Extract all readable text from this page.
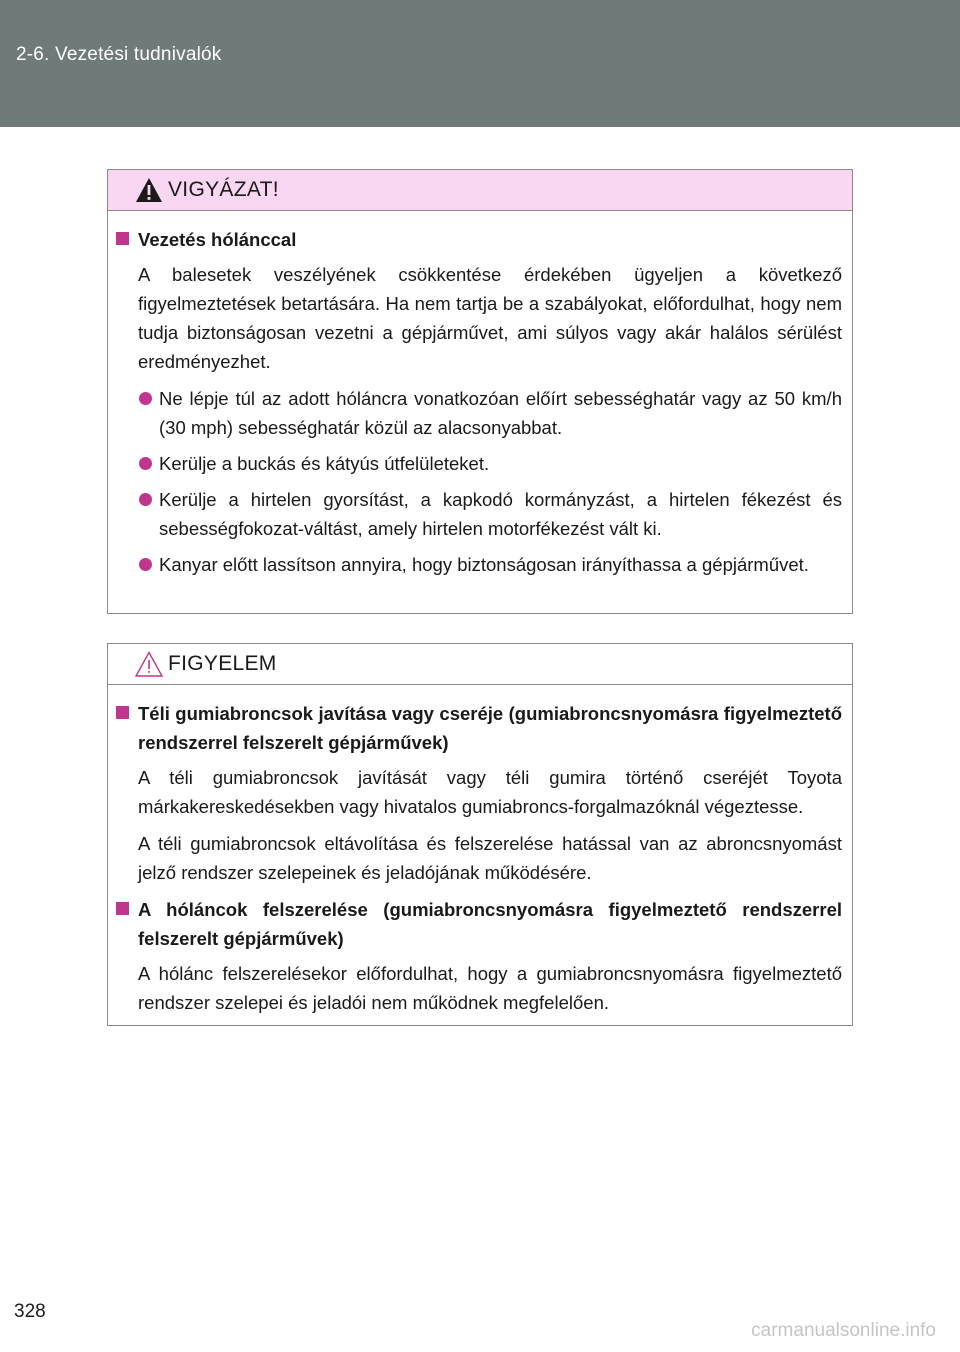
2-6. Vezetési tudnivalók
VIGYÁZAT!
Vezetés hólánccal
A balesetek veszélyének csökkentése érdekében ügyeljen a következő figyelmeztetések betartására. Ha nem tartja be a szabályokat, előfordulhat, hogy nem tudja biztonságosan vezetni a gépjárművet, ami súlyos vagy akár halálos sérülést eredményezhet.
Ne lépje túl az adott hóláncra vonatkozóan előírt sebességhatár vagy az 50 km/h (30 mph) sebességhatár közül az alacsonyabbat.
Kerülje a buckás és kátyús útfelületeket.
Kerülje a hirtelen gyorsítást, a kapkodó kormányzást, a hirtelen fékezést és sebességfokozat-váltást, amely hirtelen motorfékezést vált ki.
Kanyar előtt lassítson annyira, hogy biztonságosan irányíthassa a gépjárművet.
FIGYELEM
Téli gumiabroncsok javítása vagy cseréje (gumiabroncsnyomásra figyelmeztető rendszerrel felszerelt gépjárművek)
A téli gumiabroncsok javítását vagy téli gumira történő cseréjét Toyota márkakereskedésekben vagy hivatalos gumiabroncs-forgalmazóknál végeztesse.
A téli gumiabroncsok eltávolítása és felszerelése hatással van az abroncsnyomást jelző rendszer szelepeinek és jeladójának működésére.
A hóláncok felszerelése (gumiabroncsnyomásra figyelmeztető rendszerrel felszerelt gépjárművek)
A hólánc felszerelésekor előfordulhat, hogy a gumiabroncsnyomásra figyelmeztető rendszer szelepei és jeladói nem működnek megfelelően.
328
carmanualsonline.info
